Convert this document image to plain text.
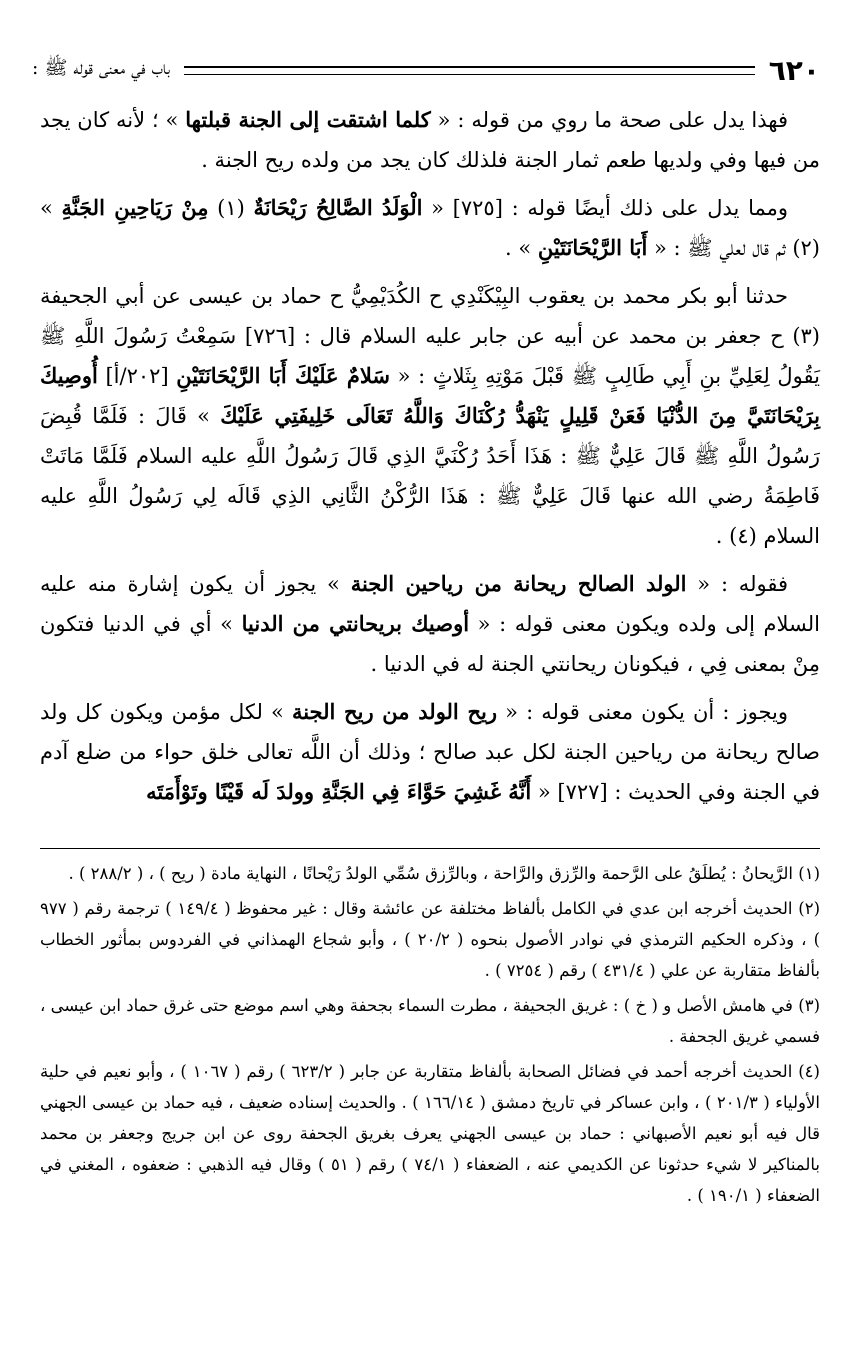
٦٢٠
باب في معنى قوله ﷺ :

فهذا يدل على صحة ما روي من قوله : « كلما اشتقت إلى الجنة قبلتها » ؛ لأنه كان يجد من فيها وفي ولديها طعم ثمار الجنة فلذلك كان يجد من ولده ريح الجنة .

ومما يدل على ذلك أيضًا قوله : [٧٢٥] « الْوَلَدُ الصَّالِحُ رَيْحَانَةٌ (١) مِنْ رَيَاحِينِ الجَنَّةِ » (٢) ثم قال لعلي ﷺ : « أَبَا الرَّيْحَانَتَيْنِ » .

حدثنا أبو بكر محمد بن يعقوب البِيْكَنْدِي ح الكُدَيْمِيُّ ح حماد بن عيسى عن أبي الجحيفة (٣) ح جعفر بن محمد عن أبيه عن جابر عليه السلام قال : [٧٢٦] سَمِعْتُ رَسُولَ اللَّهِ ﷺ يَقُولُ لِعَلِيِّ بنِ أَبِي طَالِبٍ ﷺ قَبْلَ مَوْتِهِ بِثَلاثٍ : « سَلامٌ عَلَيْكَ أَبَا الرَّيْحَانَتَيْنِ [٢٠٢/أ] أُوصِيكَ بِرَيْحَانَتَيَّ مِنَ الدُّنْيَا فَعَنْ قَلِيلٍ يَنْهَدُّ رُكْنَاكَ وَاللَّهُ تَعَالَى خَلِيفَتِي عَلَيْكَ » قَالَ : فَلَمَّا قُبِضَ رَسُولُ اللَّهِ ﷺ قَالَ عَلِيٌّ ﷺ : هَذَا أَحَدُ رُكْنَيَّ الذِي قَالَ رَسُولُ اللَّهِ عليه السلام فَلَمَّا مَاتَتْ فَاطِمَةُ رضي الله عنها قَالَ عَلِيٌّ ﷺ : هَذَا الرُّكْنُ الثَّانِي الذِي قَالَه لِي رَسُولُ اللَّهِ عليه السلام (٤) .

فقوله : « الولد الصالح ريحانة من رياحين الجنة » يجوز أن يكون إشارة منه عليه السلام إلى ولده ويكون معنى قوله : « أوصيك بريحانتي من الدنيا » أي في الدنيا فتكون مِنْ بمعنى فِي ، فيكونان ريحانتي الجنة له في الدنيا .

ويجوز : أن يكون معنى قوله : « ريح الولد من ريح الجنة » لكل مؤمن ويكون كل ولد صالح ريحانة من رياحين الجنة لكل عبد صالح ؛ وذلك أن اللَّه تعالى خلق حواء من ضلع آدم في الجنة وفي الحديث : [٧٢٧] « أَنَّهُ غَشِيَ حَوَّاءَ فِي الجَنَّةِ وولدَ لَه قَيْنًا وتَوْأَمَتَه

(١) الرَّيحانُ : يُطلَقُ على الرَّحمة والرِّزق والرَّاحة ، وبالرِّزق سُمِّي الولدُ رَيْحانًا ، النهاية مادة ( ريح ) ، ( ٢٨٨/٢ ) .

(٢) الحديث أخرجه ابن عدي في الكامل بألفاظ مختلفة عن عائشة وقال : غير محفوظ ( ١٤٩/٤ ) ترجمة رقم ( ٩٧٧ ) ، وذكره الحكيم الترمذي في نوادر الأصول بنحوه ( ٢٠/٢ ) ، وأبو شجاع الهمذاني في الفردوس بمأثور الخطاب بألفاظ متقاربة عن علي ( ٤٣١/٤ ) رقم ( ٧٢٥٤ ) .

(٣) في هامش الأصل و ( خ ) : غريق الجحيفة ، مطرت السماء بجحفة وهي اسم موضع حتى غرق حماد ابن عيسى ، فسمي غريق الجحفة .

(٤) الحديث أخرجه أحمد في فضائل الصحابة بألفاظ متقاربة عن جابر ( ٦٢٣/٢ ) رقم ( ١٠٦٧ ) ، وأبو نعيم في حلية الأولياء ( ٢٠١/٣ ) ، وابن عساكر في تاريخ دمشق ( ١٦٦/١٤ ) . والحديث إسناده ضعيف ، فيه حماد بن عيسى الجهني قال فيه أبو نعيم الأصبهاني : حماد بن عيسى الجهني يعرف بغريق الجحفة روى عن ابن جريج وجعفر بن محمد بالمناكير لا شيء حدثونا عن الكديمي عنه ، الضعفاء ( ٧٤/١ ) رقم ( ٥١ ) وقال فيه الذهبي : ضعفوه ، المغني في الضعفاء ( ١٩٠/١ ) .
